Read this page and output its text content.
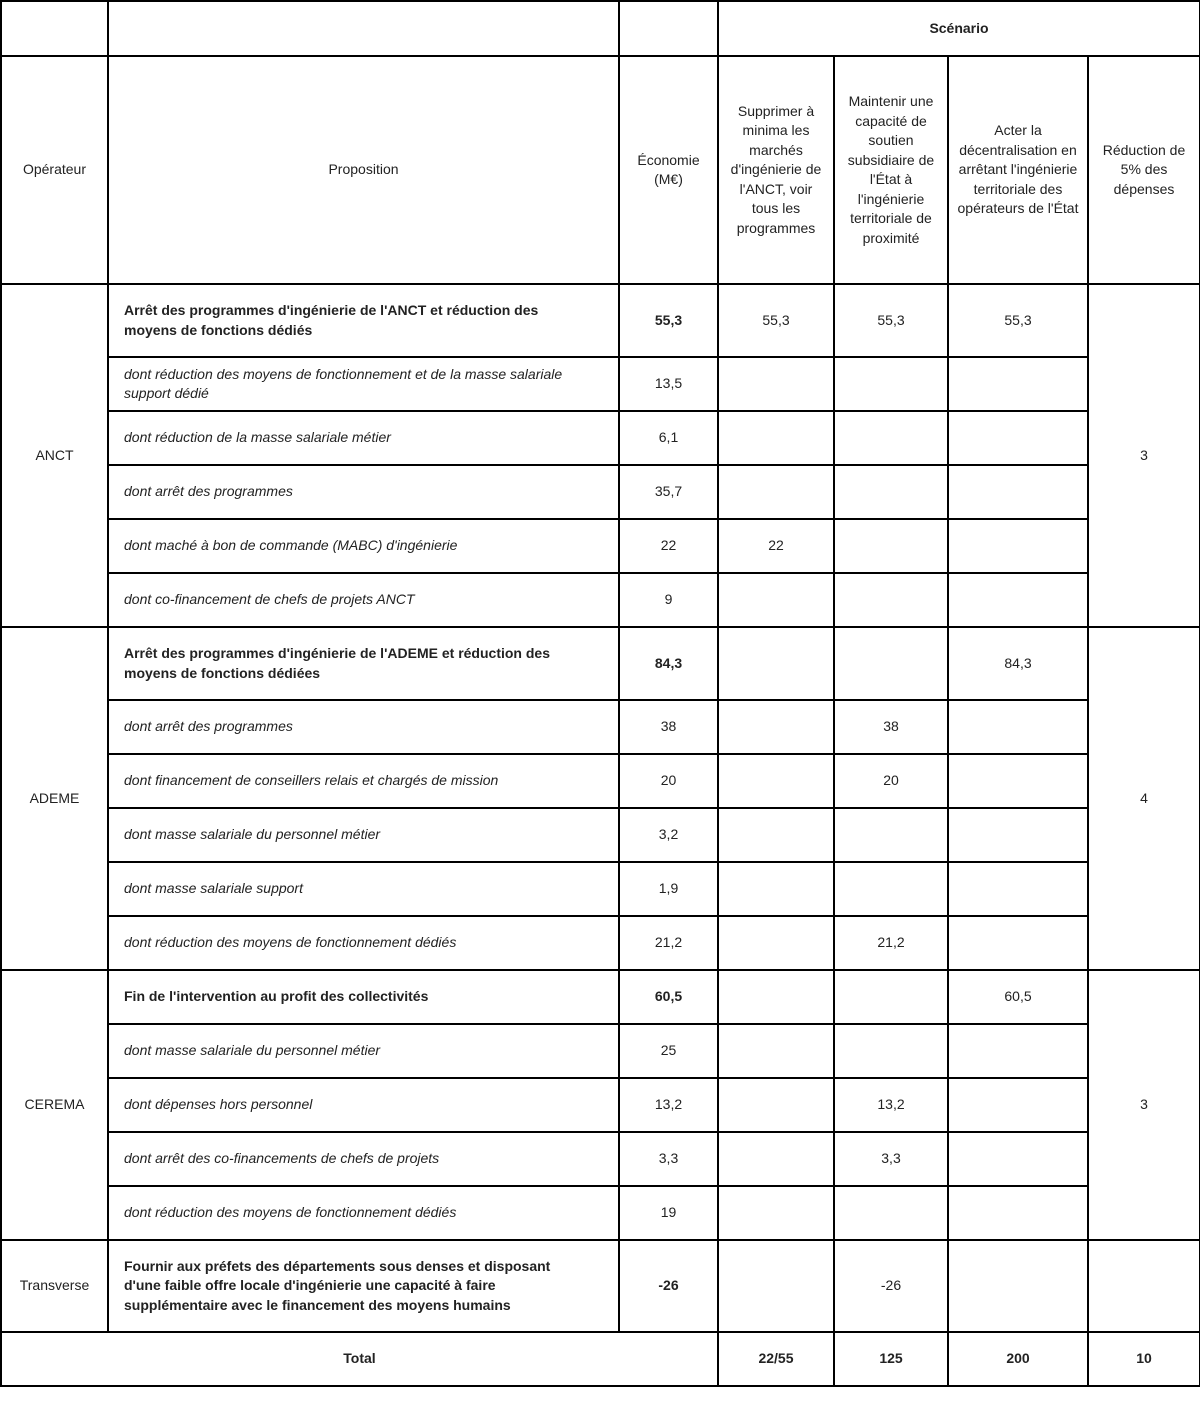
			Scénario			
Opérateur	Proposition	Économie (M€)	Supprimer à minima les marchés d'ingénierie de l'ANCT, voir tous les programmes	Maintenir une capacité de soutien subsidiaire de l'État à l'ingénierie territoriale de proximité	Acter la décentralisation en arrêtant l'ingénierie territoriale des opérateurs de l'État	Réduction de 5% des dépenses
ANCT	Arrêt des programmes d'ingénierie de l'ANCT et réduction des moyens de fonctions dédiés	55,3	55,3	55,3	55,3	3
	dont réduction des moyens de fonctionnement et de la masse salariale support dédié	13,5				
	dont réduction de la masse salariale métier	6,1				
	dont arrêt des programmes	35,7				
	dont maché à bon de commande (MABC) d'ingénierie	22	22			
	dont co-financement de chefs de projets ANCT	9				
ADEME	Arrêt des programmes d'ingénierie de l'ADEME et réduction des moyens de fonctions dédiées	84,3			84,3	4
	dont arrêt des programmes	38		38		
	dont financement de conseillers relais et chargés de mission	20		20		
	dont masse salariale du personnel métier	3,2				
	dont masse salariale support	1,9				
	dont réduction des moyens de fonctionnement dédiés	21,2		21,2		
CEREMA	Fin de l'intervention au profit des collectivités	60,5			60,5	3
	dont masse salariale du personnel métier	25				
	dont dépenses hors personnel	13,2		13,2		
	dont arrêt des co-financements de chefs de projets	3,3		3,3		
	dont réduction des moyens de fonctionnement dédiés	19				
Transverse	Fournir aux préfets des départements sous denses et disposant d'une faible offre locale d'ingénierie une capacité à faire supplémentaire avec le financement des moyens humains	-26		-26		
Total			22/55	125	200	10
